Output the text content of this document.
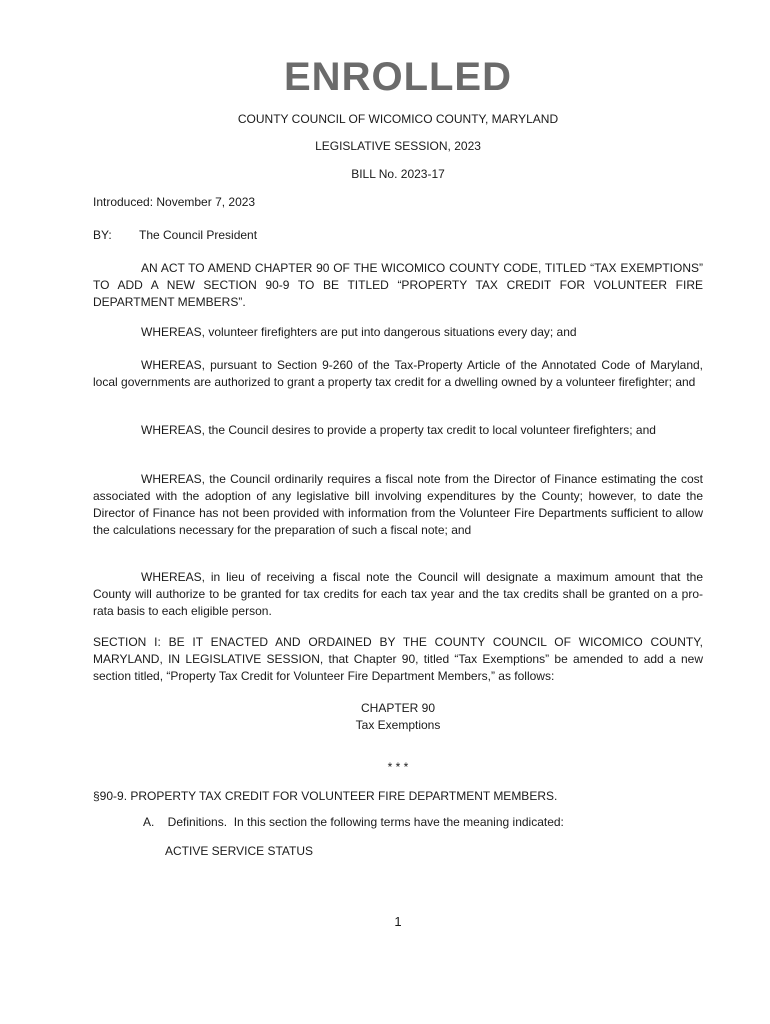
ENROLLED
COUNTY COUNCIL OF WICOMICO COUNTY, MARYLAND
LEGISLATIVE SESSION, 2023
BILL No. 2023-17
Introduced: November 7, 2023
BY: The Council President

AN ACT TO AMEND CHAPTER 90 OF THE WICOMICO COUNTY CODE, TITLED “TAX EXEMPTIONS” TO ADD A NEW SECTION 90-9 TO BE TITLED “PROPERTY TAX CREDIT FOR VOLUNTEER FIRE DEPARTMENT MEMBERS”.

WHEREAS, volunteer firefighters are put into dangerous situations every day; and

WHEREAS, pursuant to Section 9-260 of the Tax-Property Article of the Annotated Code of Maryland, local governments are authorized to grant a property tax credit for a dwelling owned by a volunteer firefighter; and

WHEREAS, the Council desires to provide a property tax credit to local volunteer firefighters; and

WHEREAS, the Council ordinarily requires a fiscal note from the Director of Finance estimating the cost associated with the adoption of any legislative bill involving expenditures by the County; however, to date the Director of Finance has not been provided with information from the Volunteer Fire Departments sufficient to allow the calculations necessary for the preparation of such a fiscal note; and

WHEREAS, in lieu of receiving a fiscal note the Council will designate a maximum amount that the County will authorize to be granted for tax credits for each tax year and the tax credits shall be granted on a pro-rata basis to each eligible person.

SECTION I: BE IT ENACTED AND ORDAINED BY THE COUNTY COUNCIL OF WICOMICO COUNTY, MARYLAND, IN LEGISLATIVE SESSION, that Chapter 90, titled “Tax Exemptions” be amended to add a new section titled, “Property Tax Credit for Volunteer Fire Department Members,” as follows:

CHAPTER 90
Tax Exemptions
* * *
§90-9. PROPERTY TAX CREDIT FOR VOLUNTEER FIRE DEPARTMENT MEMBERS.
A.    Definitions.  In this section the following terms have the meaning indicated:
ACTIVE SERVICE STATUS
1
